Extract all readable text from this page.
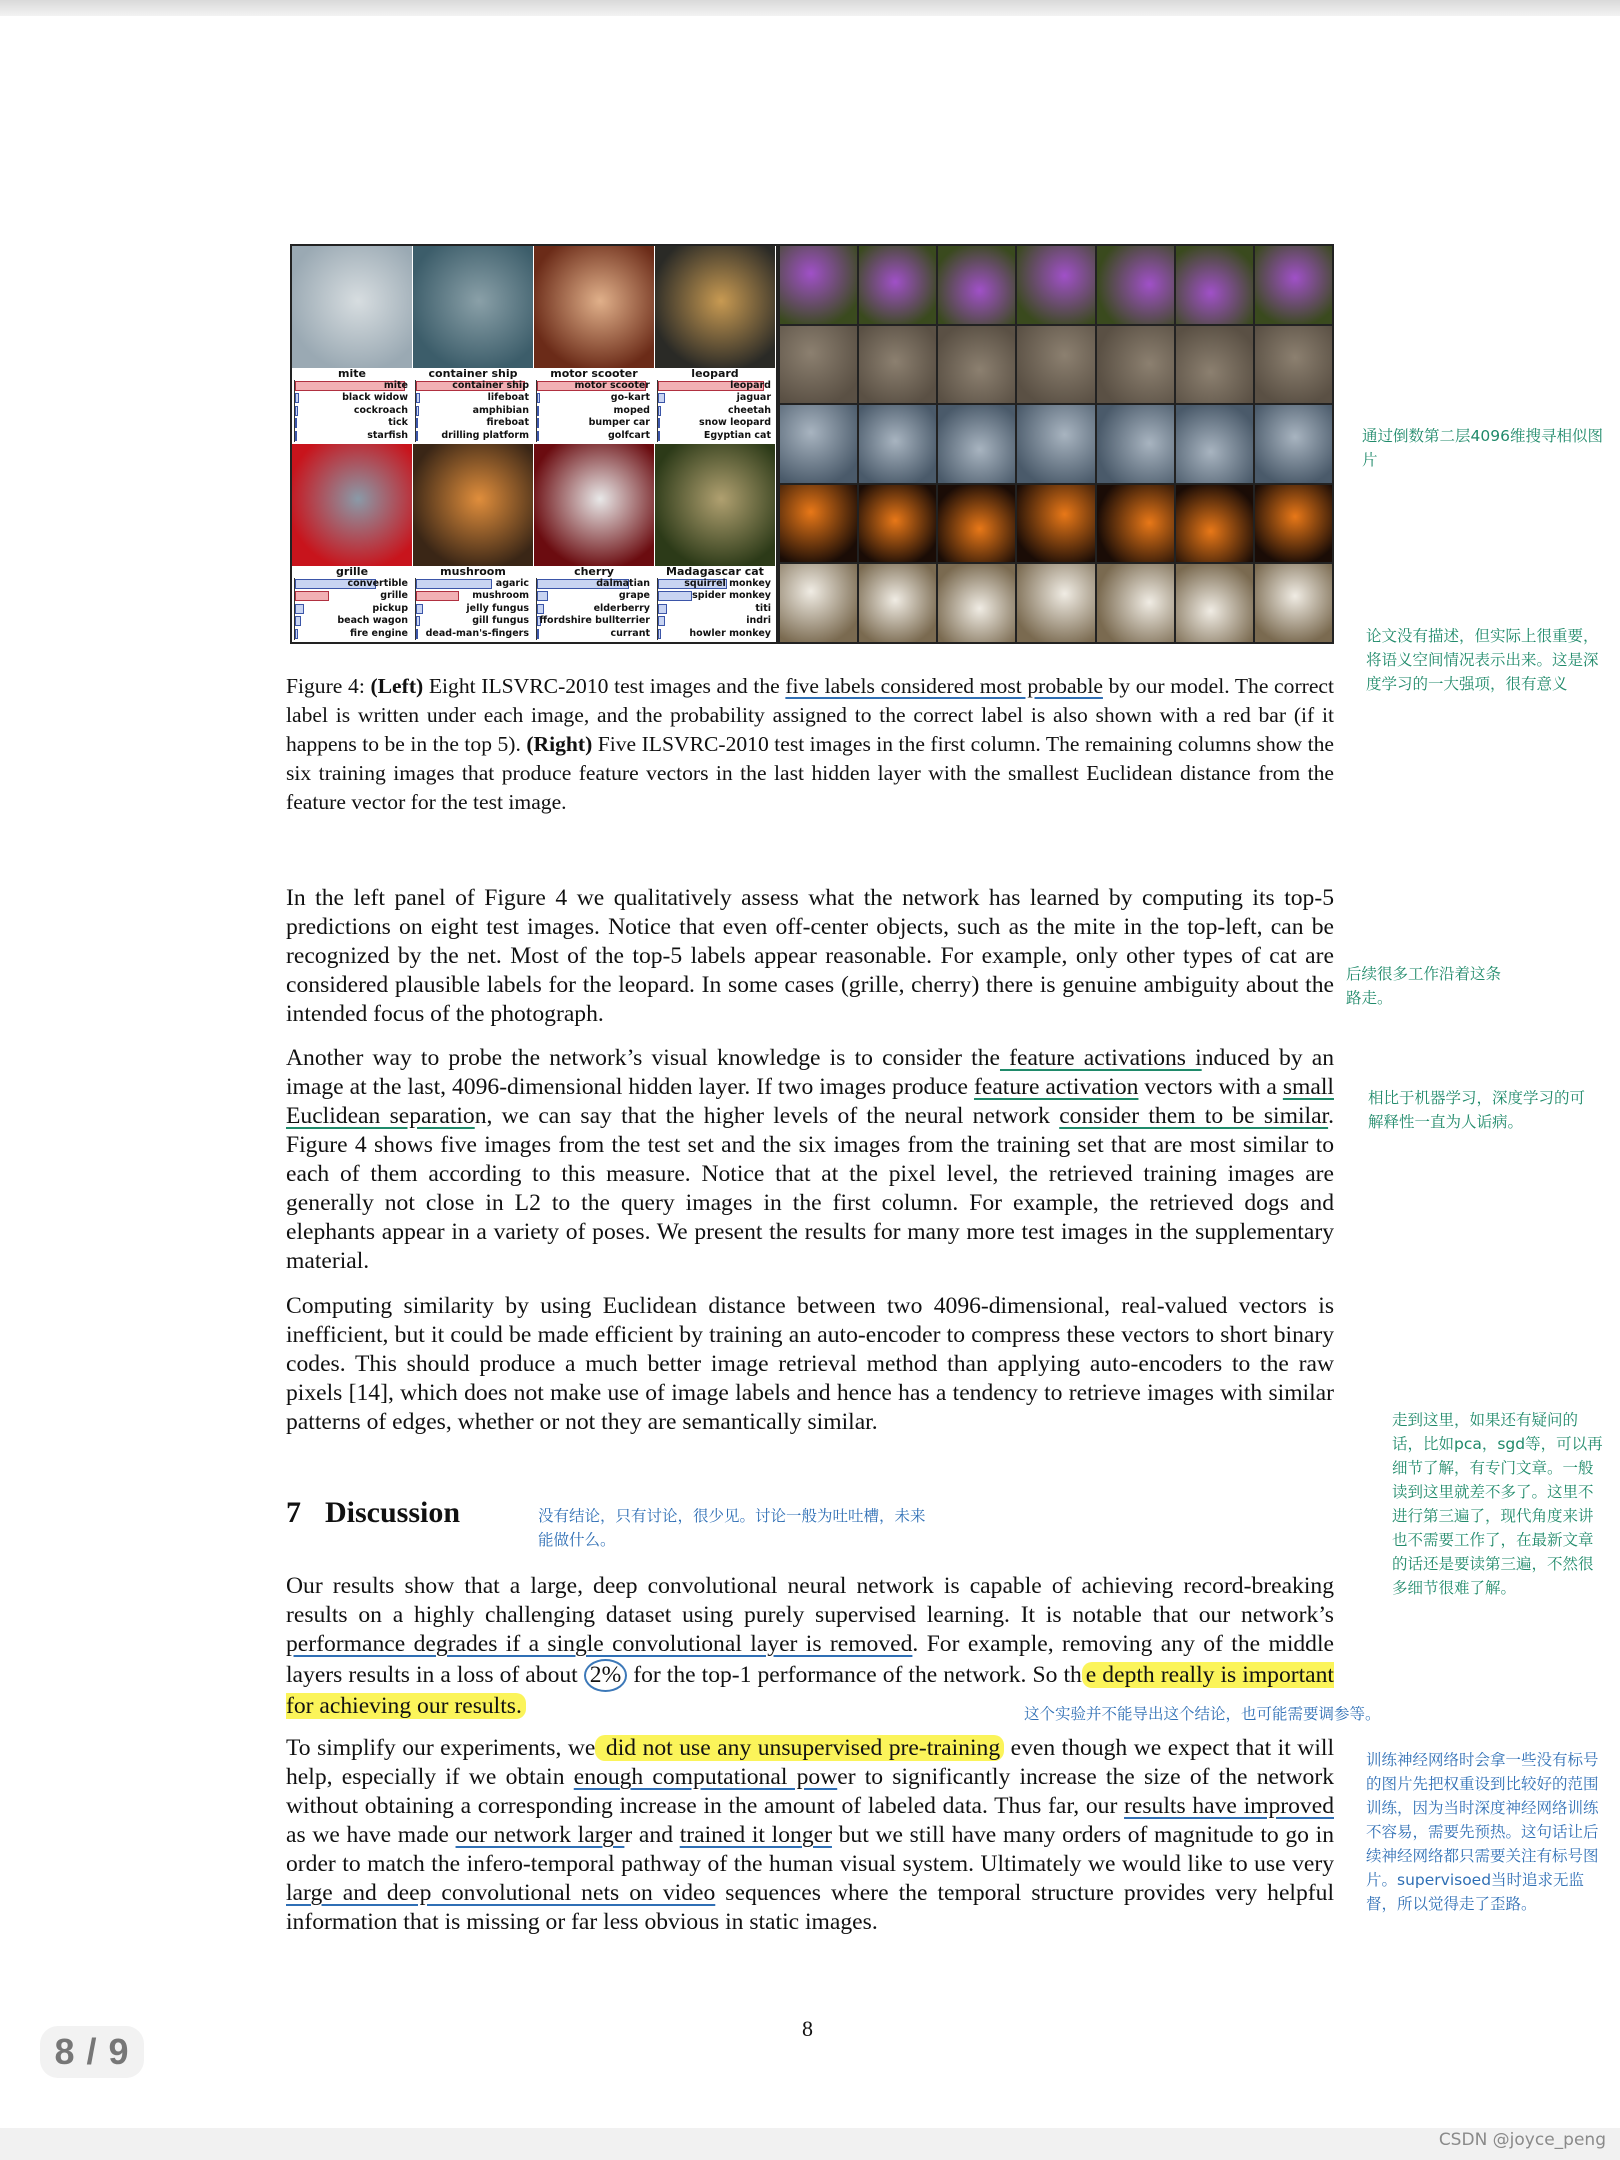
mite
mite
black widow
cockroach
tick
starfish
container ship
container ship
lifeboat
amphibian
fireboat
drilling platform
motor scooter
motor scooter
go-kart
moped
bumper car
golfcart
leopard
leopard
jaguar
cheetah
snow leopard
Egyptian cat
grille
convertible
grille
pickup
beach wagon
fire engine
mushroom
agaric
mushroom
jelly fungus
gill fungus
dead-man's-fingers
cherry
dalmatian
grape
elderberry
ffordshire bullterrier
currant
Madagascar cat
squirrel monkey
spider monkey
titi
indri
howler monkey
Figure 4: (Left) Eight ILSVRC-2010 test images and the five labels considered most probable by our model. The correct label is written under each image, and the probability assigned to the correct label is also shown with a red bar (if it happens to be in the top 5). (Right) Five ILSVRC-2010 test images in the first column. The remaining columns show the six training images that produce feature vectors in the last hidden layer with the smallest Euclidean distance from the feature vector for the test image.
In the left panel of Figure 4 we qualitatively assess what the network has learned by computing its top-5 predictions on eight test images. Notice that even off-center objects, such as the mite in the top-left, can be recognized by the net. Most of the top-5 labels appear reasonable. For example, only other types of cat are considered plausible labels for the leopard. In some cases (grille, cherry) there is genuine ambiguity about the intended focus of the photograph.
Another way to probe the network’s visual knowledge is to consider the feature activations induced by an image at the last, 4096-dimensional hidden layer. If two images produce feature activation vectors with a small Euclidean separation, we can say that the higher levels of the neural network consider them to be similar. Figure 4 shows five images from the test set and the six images from the training set that are most similar to each of them according to this measure. Notice that at the pixel level, the retrieved training images are generally not close in L2 to the query images in the first column. For example, the retrieved dogs and elephants appear in a variety of poses. We present the results for many more test images in the supplementary material.
Computing similarity by using Euclidean distance between two 4096-dimensional, real-valued vectors is inefficient, but it could be made efficient by training an auto-encoder to compress these vectors to short binary codes. This should produce a much better image retrieval method than applying auto-encoders to the raw pixels [14], which does not make use of image labels and hence has a tendency to retrieve images with similar patterns of edges, whether or not they are semantically similar.
7 Discussion
Our results show that a large, deep convolutional neural network is capable of achieving record-breaking results on a highly challenging dataset using purely supervised learning. It is notable that our network’s performance degrades if a single convolutional layer is removed. For example, removing any of the middle layers results in a loss of about 2% for the top-1 performance of the network. So th e depth really is important for achieving our results.
To simplify our experiments, we did not use any unsupervised pre-training even though we expect that it will help, especially if we obtain enough computational power to significantly increase the size of the network without obtaining a corresponding increase in the amount of labeled data. Thus far, our results have improved as we have made our network larger and trained it longer but we still have many orders of magnitude to go in order to match the infero-temporal pathway of the human visual system. Ultimately we would like to use very large and deep convolutional nets on video sequences where the temporal structure provides very helpful information that is missing or far less obvious in static images.
8
通过倒数第二层4096维搜寻相似图片
论文没有描述，但实际上很重要，将语义空间情况表示出来。这是深度学习的一大强项，很有意义
后续很多工作沿着这条路走。
相比于机器学习，深度学习的可解释性一直为人诟病。
走到这里，如果还有疑问的话，比如pca，sgd等，可以再细节了解，有专门文章。一般读到这里就差不多了。这里不进行第三遍了，现代角度来讲也不需要工作了，在最新文章的话还是要读第三遍，不然很多细节很难了解。
没有结论，只有讨论，很少见。讨论一般为吐吐槽，未来能做什么。
这个实验并不能导出这个结论，也可能需要调参等。
训练神经网络时会拿一些没有标号的图片先把权重设到比较好的范围训练，因为当时深度神经网络训练不容易，需要先预热。这句话让后续神经网络都只需要关注有标号图片。supervisoed当时追求无监督，所以觉得走了歪路。
8 / 9
CSDN @joyce_peng
